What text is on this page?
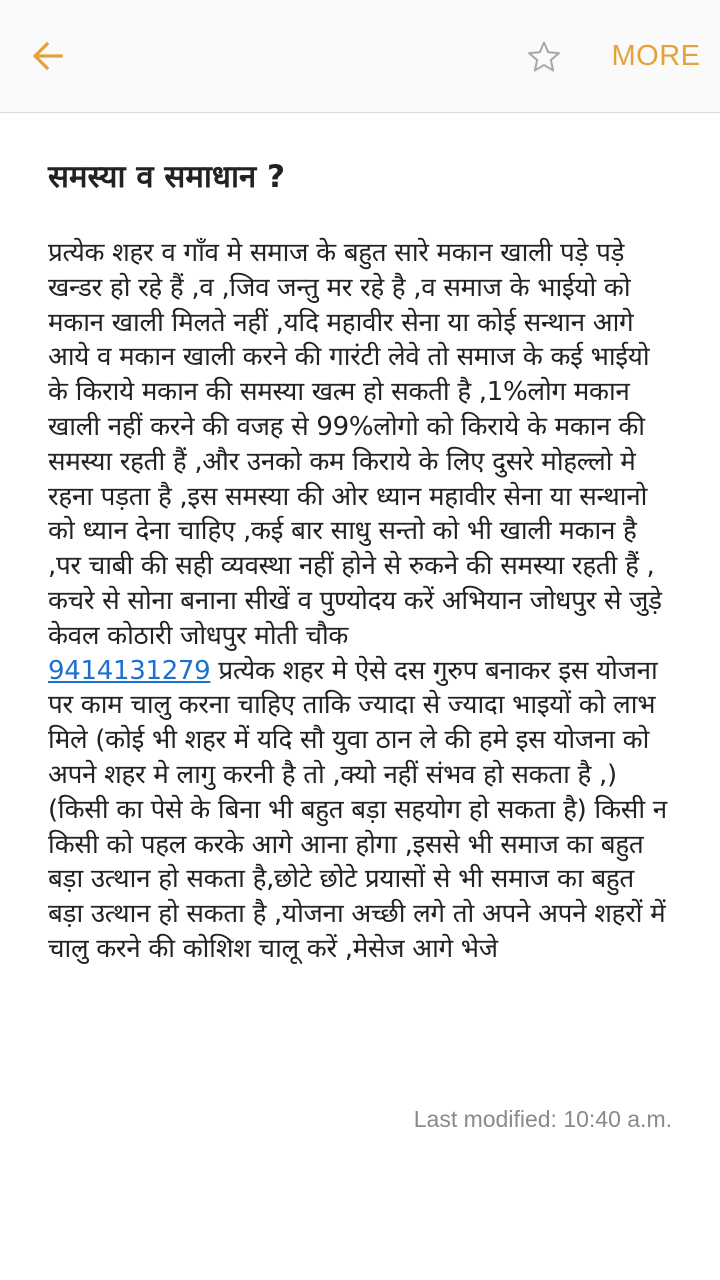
MORE
समस्या व समाधान ?
प्रत्येक शहर व गाँव मे समाज के बहुत सारे मकान खाली पड़े पड़े खन्डर हो रहे हैं ,व ,जिव जन्तु मर रहे है ,व समाज के भाईयो को मकान खाली मिलते नहीं ,यदि महावीर सेना या कोई सन्थान आगे आये व मकान खाली करने की गारंटी लेवे तो समाज के कई भाईयो के किराये मकान की समस्या खत्म हो सकती है ,1%लोग मकान खाली नहीं करने की वजह से 99%लोगो को किराये के मकान की समस्या रहती हैं ,और उनको कम किराये के लिए दुसरे मोहल्लो मे रहना पड़ता है ,इस समस्या की ओर ध्यान महावीर सेना या सन्थानो को ध्यान देना चाहिए ,कई बार साधु सन्तो को भी खाली मकान है ,पर चाबी की सही व्यवस्था नहीं होने से रुकने की समस्या रहती हैं , कचरे से सोना बनाना सीखें व पुण्योदय करें अभियान जोधपुर से जुड़े केवल कोठारी जोधपुर मोती चौक
9414131279 प्रत्येक शहर मे ऐसे दस गुरुप बनाकर इस योजना पर काम चालु करना चाहिए ताकि ज्यादा से ज्यादा भाइयों को लाभ मिले (कोई भी शहर में यदि सौ युवा ठान ले की हमे इस योजना को अपने शहर मे लागु करनी है तो ,क्यो नहीं संभव हो सकता है ,)(किसी का पेसे के बिना भी बहुत बड़ा सहयोग हो सकता है) किसी न किसी को पहल करके आगे आना होगा ,इससे भी समाज का बहुत बड़ा उत्थान हो सकता है,छोटे छोटे प्रयासों से भी समाज का बहुत बड़ा उत्थान हो सकता है ,योजना अच्छी लगे तो अपने अपने शहरों में चालु करने की कोशिश चालू करें ,मेसेज आगे भेजे
Last modified: 10:40 a.m.
